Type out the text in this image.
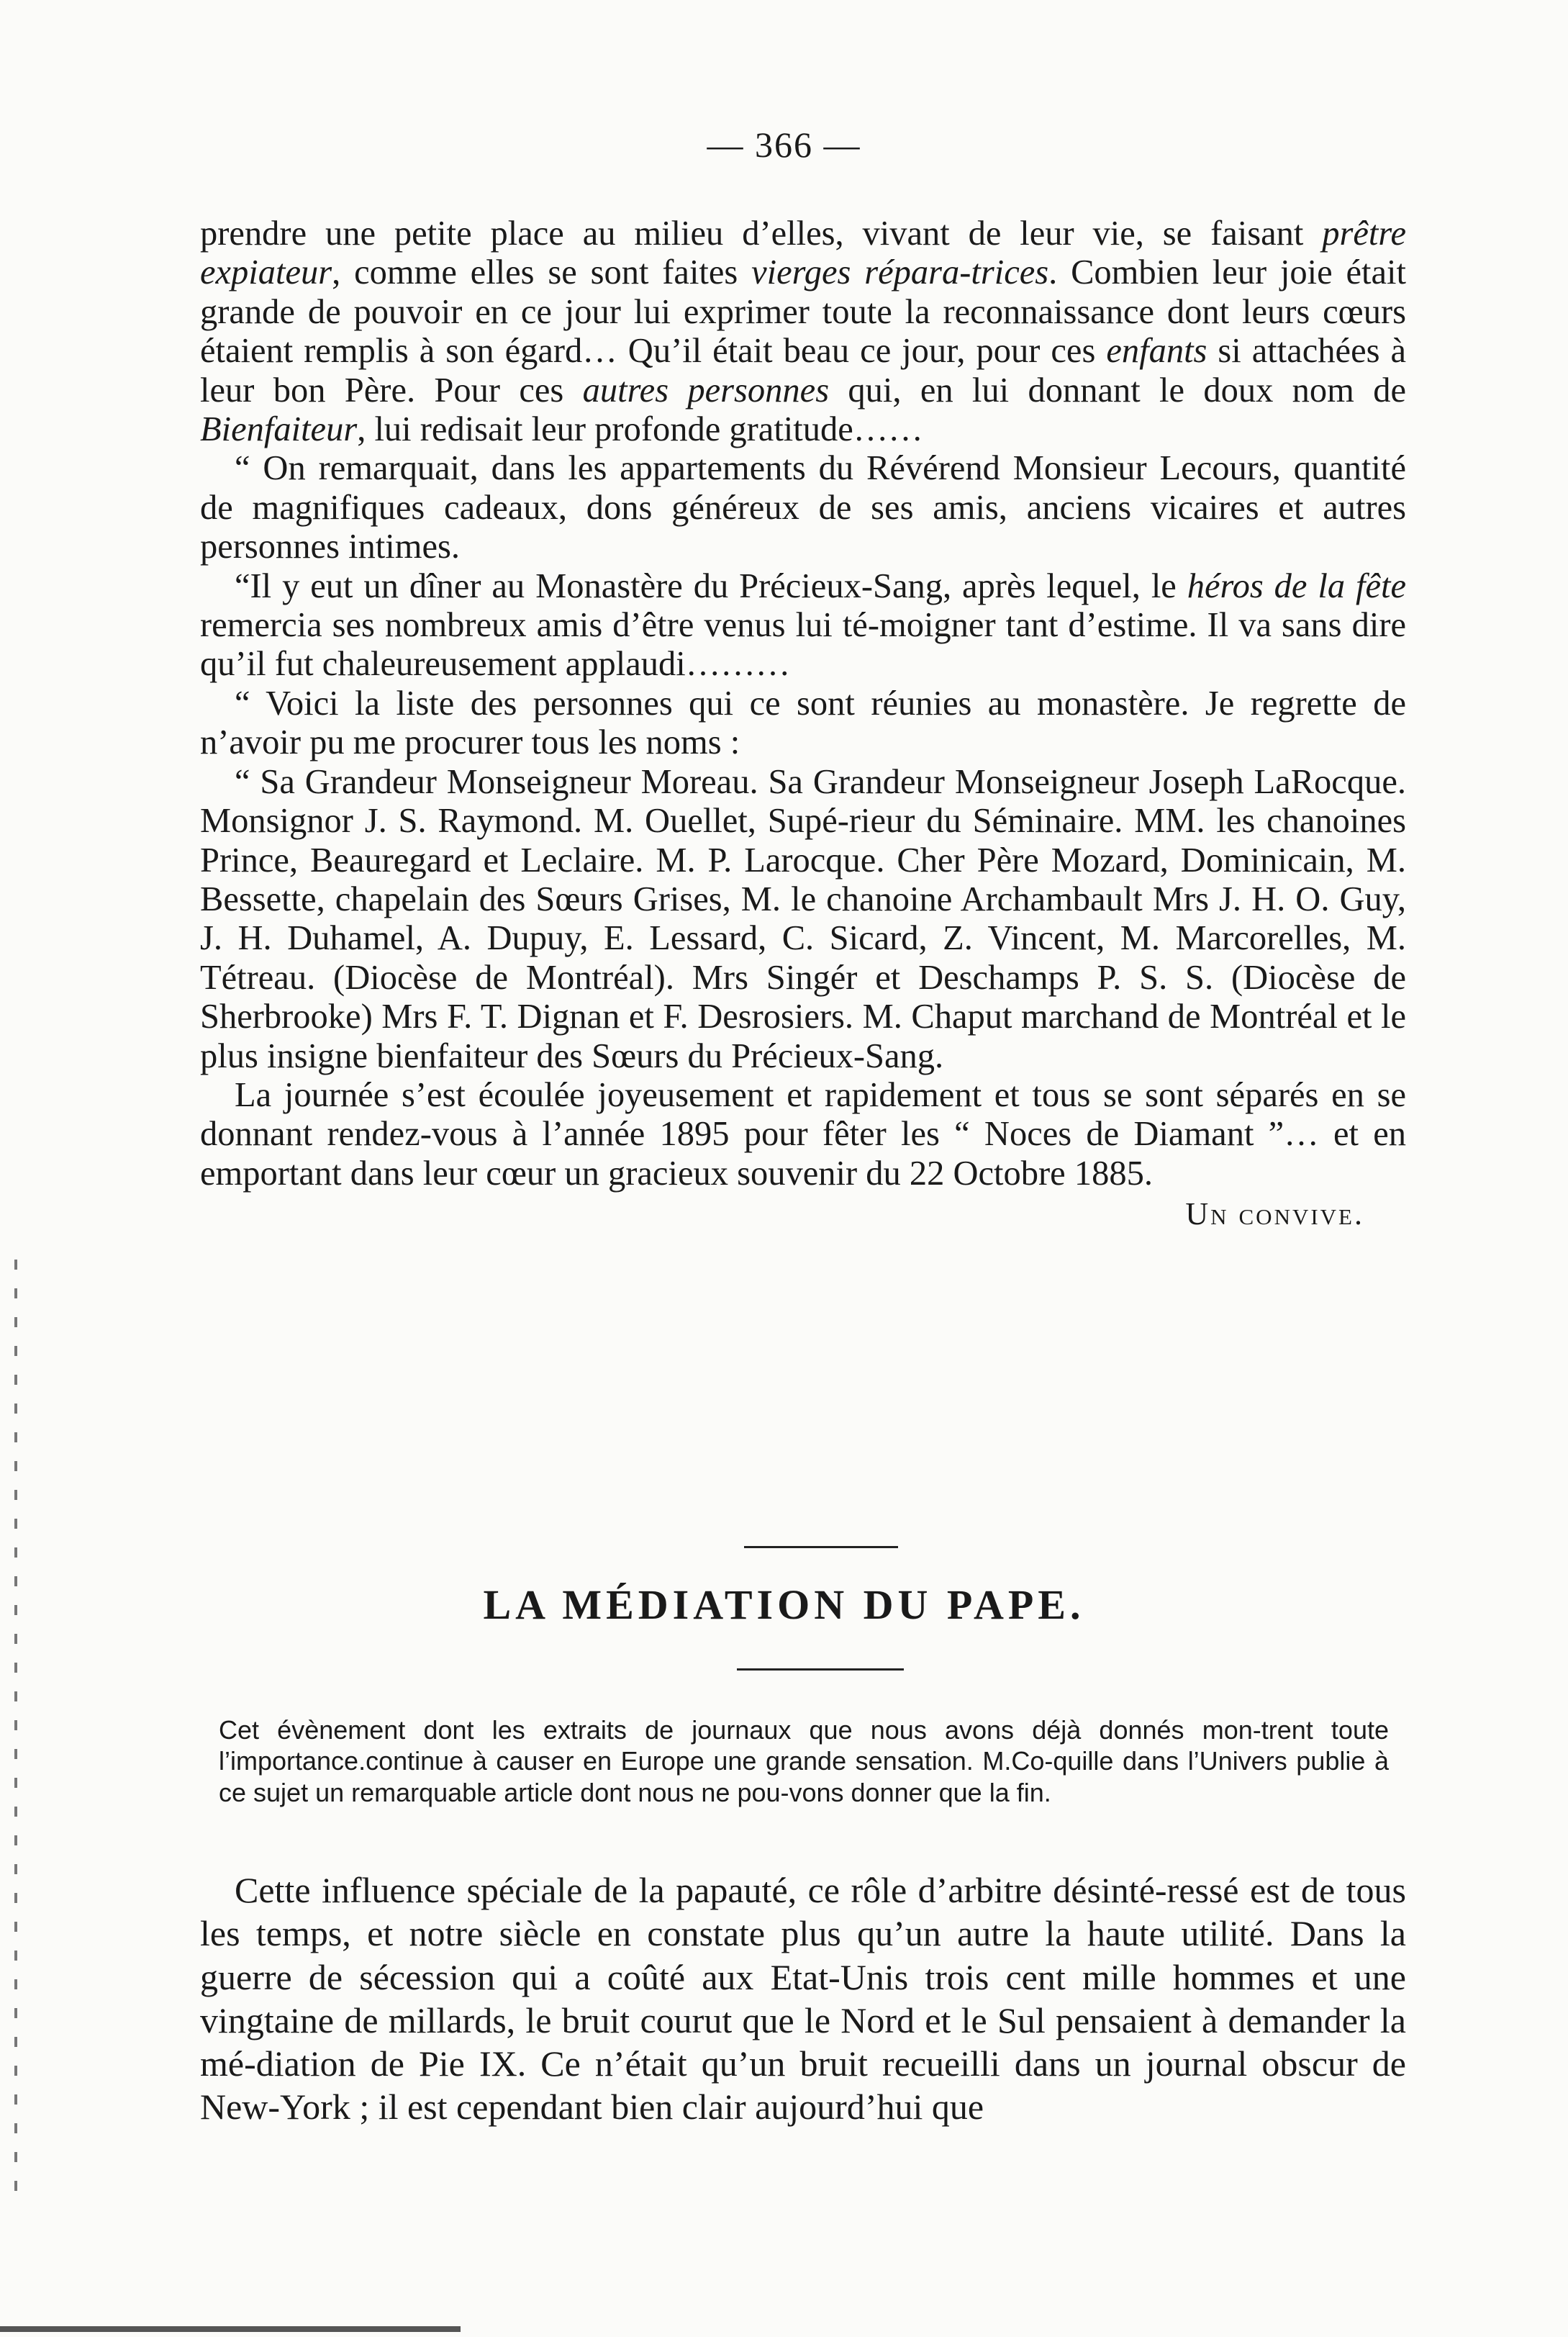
— 366 —

prendre une petite place au milieu d’elles, vivant de leur vie, se faisant prêtre expiateur, comme elles se sont faites vierges répara-trices. Combien leur joie était grande de pouvoir en ce jour lui exprimer toute la reconnaissance dont leurs cœurs étaient remplis à son égard… Qu’il était beau ce jour, pour ces enfants si attachées à leur bon Père. Pour ces autres personnes qui, en lui donnant le doux nom de Bienfaiteur, lui redisait leur profonde gratitude……

“ On remarquait, dans les appartements du Révérend Monsieur Lecours, quantité de magnifiques cadeaux, dons généreux de ses amis, anciens vicaires et autres personnes intimes.

“Il y eut un dîner au Monastère du Précieux-Sang, après lequel, le héros de la fête remercia ses nombreux amis d’être venus lui té-moigner tant d’estime. Il va sans dire qu’il fut chaleureusement applaudi………

“ Voici la liste des personnes qui ce sont réunies au monastère. Je regrette de n’avoir pu me procurer tous les noms :

“ Sa Grandeur Monseigneur Moreau. Sa Grandeur Monseigneur Joseph LaRocque. Monsignor J. S. Raymond. M. Ouellet, Supé-rieur du Séminaire. MM. les chanoines Prince, Beauregard et Leclaire. M. P. Larocque. Cher Père Mozard, Dominicain, M. Bessette, chapelain des Sœurs Grises, M. le chanoine Archambault Mrs J. H. O. Guy, J. H. Duhamel, A. Dupuy, E. Lessard, C. Sicard, Z. Vincent, M. Marcorelles, M. Tétreau. (Diocèse de Montréal). Mrs Singér et Deschamps P. S. S. (Diocèse de Sherbrooke) Mrs F. T. Dignan et F. Desrosiers. M. Chaput marchand de Montréal et le plus insigne bienfaiteur des Sœurs du Précieux-Sang.

La journée s’est écoulée joyeusement et rapidement et tous se sont séparés en se donnant rendez-vous à l’année 1895 pour fêter les “ Noces de Diamant ”… et en emportant dans leur cœur un gracieux souvenir du 22 Octobre 1885.

Un convive.
LA MÉDIATION DU PAPE.
Cet évènement dont les extraits de journaux que nous avons déjà donnés mon-trent toute l’importance.continue à causer en Europe une grande sensation. M.Co-quille dans l’Univers publie à ce sujet un remarquable article dont nous ne pou-vons donner que la fin.

Cette influence spéciale de la papauté, ce rôle d’arbitre désinté-ressé est de tous les temps, et notre siècle en constate plus qu’un autre la haute utilité. Dans la guerre de sécession qui a coûté aux Etat-Unis trois cent mille hommes et une vingtaine de millards, le bruit courut que le Nord et le Sul pensaient à demander la mé-diation de Pie IX. Ce n’était qu’un bruit recueilli dans un journal obscur de New-York ; il est cependant bien clair aujourd’hui que
